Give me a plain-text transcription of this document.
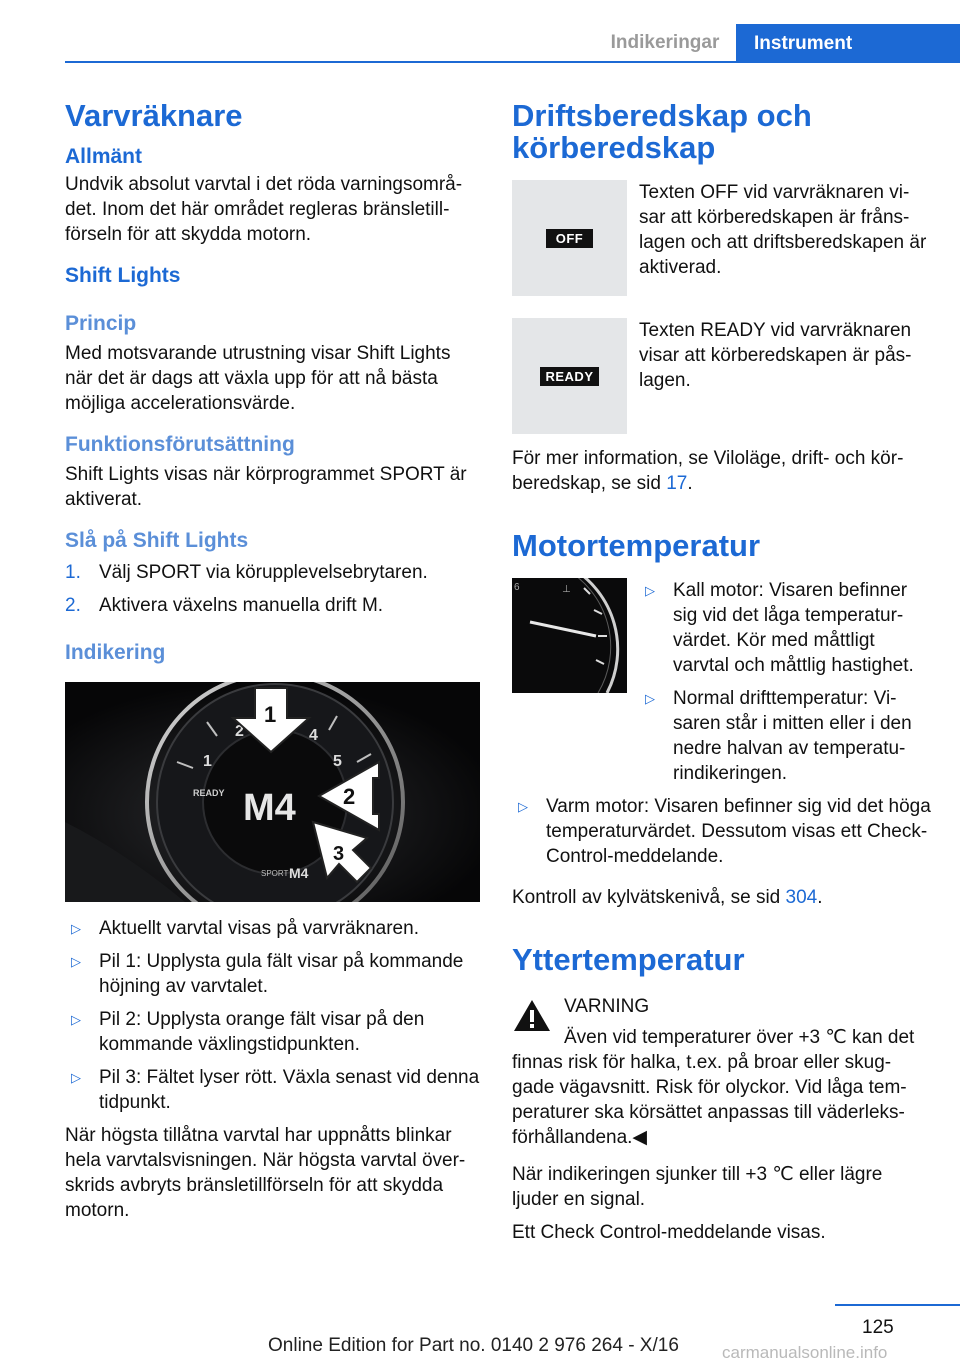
Indikeringar	Instrument
Varvräknare
Allmänt

Undvik absolut varvtal i det röda varningsområ-det. Inom det här området regleras bränsletill-förseln för att skydda motorn.

Shift Lights
Princip

Med motsvarande utrustning visar Shift Lights när det är dags att växla upp för att nå bästa möjliga accelerationsvärde.

Funktionsförutsättning

Shift Lights visas när körprogrammet SPORT är aktiverat.

Slå på Shift Lights
1. Välj SPORT via körupplevelsebrytaren.
2. Aktivera växelns manuella drift M.
Indikering
1
2	4
5
M4
READY
SPORT M4
1
2
3
▷ Aktuellt varvtal visas på varvräknaren.
▷ Pil 1: Upplysta gula fält visar på kommande höjning av varvtalet.
▷ Pil 2: Upplysta orange fält visar på den kommande växlingstidpunkten.
▷ Pil 3: Fältet lyser rött. Växla senast vid denna tidpunkt.

När högsta tillåtna varvtal har uppnåtts blinkar hela varvtalsvisningen. När högsta varvtal över-skrids avbryts bränsletillförseln för att skydda motorn.

Driftsberedskap och körberedskap
OFF

Texten OFF vid varvräknaren vi-sar att körberedskapen är fråns-lagen och att driftsberedskapen är aktiverad.

READY

Texten READY vid varvräknaren visar att körberedskapen är pås-lagen.

För mer information, se Viloläge, drift- och kör-beredskap, se sid 17.

Motortemperatur
6	⊥	▷ Kall motor: Visaren befinner sig vid det låga temperatur-värdet. Kör med måttligt varvtal och måttlig hastighet.
▷ Normal drifttemperatur: Vi-saren står i mitten eller i den nedre halvan av temperatu-rindikeringen.
▷ Varm motor: Visaren befinner sig vid det höga temperaturvärdet. Dessutom visas ett Check-Control-meddelande.

Kontroll av kylvätskenivå, se sid 304.

Yttertemperatur

VARNING

Även vid temperaturer över +3 ℃ kan det finnas risk för halka, t.ex. på broar eller skug-gade vägavsnitt. Risk för olyckor. Vid låga tem-peraturer ska körsättet anpassas till väderleks-förhållandena.◀

När indikeringen sjunker till +3 ℃ eller lägre ljuder en signal.

Ett Check Control-meddelande visas.

125
Online Edition for Part no. 0140 2 976 264 - X/16	carmanualsonline.info
